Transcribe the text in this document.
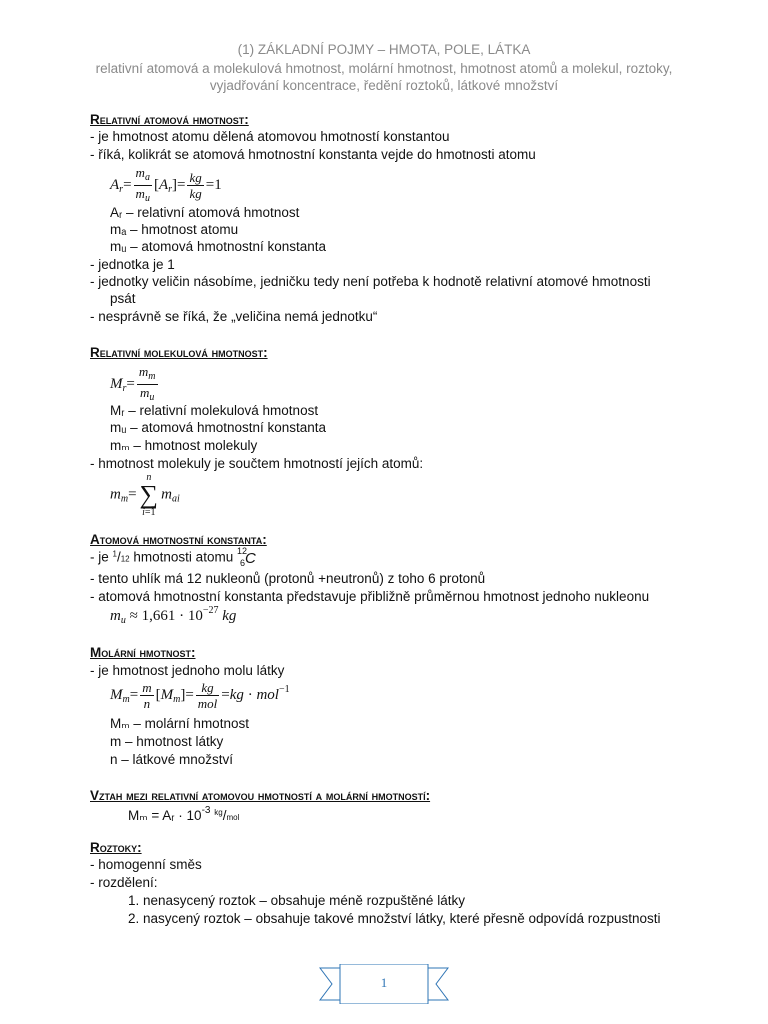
(1) ZÁKLADNÍ POJMY – HMOTA, POLE, LÁTKA
relativní atomová a molekulová hmotnost, molární hmotnost, hmotnost atomů a molekul, roztoky,
vyjadřování koncentrace, ředění roztoků, látkové množství
Relativní atomová hmotnost:
- je hmotnost atomu dělená atomovou hmotností konstantou
- říká, kolikrát se atomová hmotnostní konstanta vejde do hmotnosti atomu
$A_r= \frac{m_a}{m_u} [A_r]= \frac{kg}{kg} =1$
Aᵣ – relativní atomová hmotnost
mₐ – hmotnost atomu
mᵤ – atomová hmotnostní konstanta
- jednotka je 1
- jednotky veličin násobíme, jedničku tedy není potřeba k hodnotě relativní atomové hmotnosti
psát
- nesprávně se říká, že „veličina nemá jednotku“
Relativní molekulová hmotnost:
$M_r= \frac{m_m}{m_u}$
Mᵣ – relativní molekulová hmotnost
mᵤ – atomová hmotnostní konstanta
mₘ – hmotnost molekuly
- hmotnost molekuly je součtem hmotností jejích atomů:
$m_m=n$
∑
$i=1m_{ai}$
Atomová hmotnostní konstanta:
- je $^1$/12 hmotnosti atomu 12
6 C
- tento uhlík má 12 nukleonů (protonů +neutronů) z toho 6 protonů
- atomová hmotnostní konstanta představuje přibližně průměrnou hmotnost jednoho nukleonu
$m_u \approx 1,661 \cdot 10^{-27}$ kg
Molární hmotnost:
- je hmotnost jednoho molu látky
$M_m= \frac{m}{n} [M_m]= \frac{kg}{\text{mol}} =kg \cdot mol^{-1}$
Mₘ – molární hmotnost
m – hmotnost látky
n – látkové množství
Vztah mezi relativní atomovou hmotností a molární hmotností:
Mₘ = Aᵣ · $10^{-3}$ $^{kg}$/mol
Roztoky:
- homogenní směs
- rozdělení:
1. nenasycený roztok – obsahuje méně rozpuštěné látky
2. nasycený roztok – obsahuje takové množství látky, které přesně odpovídá rozpustnosti
1
